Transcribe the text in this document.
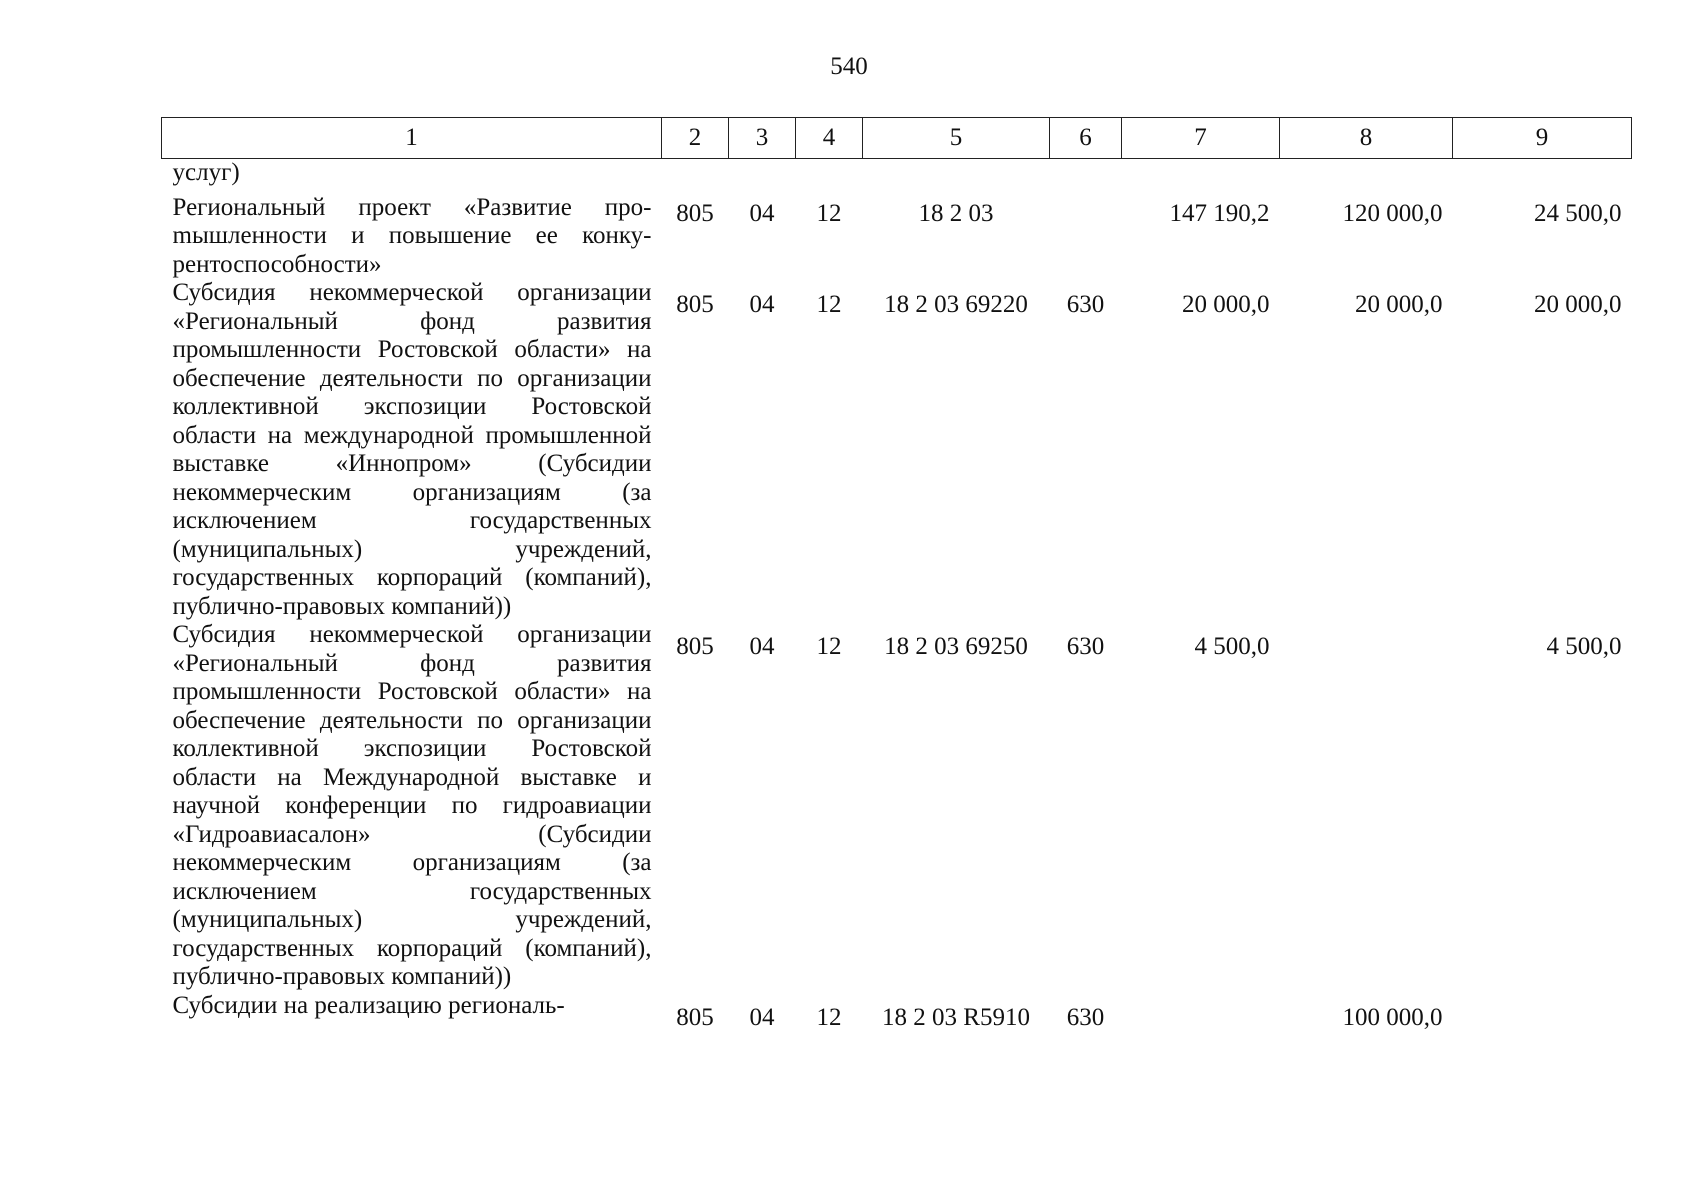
540
1	2	3	4	5	6	7	8	9
услуг)								
Региональный проект «Развитие проmышленности и повышение ее конкурентоспособности»	805	04	12	18 2 03		147 190,2	120 000,0	24 500,0
Субсидия некоммерческой организации «Региональный фонд развития промышленности Ростовской области» на обеспечение деятельности по организации коллективной экспозиции Ростовской области на международной промышленной выставке «Иннопром» (Субсидии некоммерческим организациям (за исключением государственных (муниципальных) учреждений, государственных корпораций (компаний), публично-правовых компаний))	805	04	12	18 2 03 69220	630	20 000,0	20 000,0	20 000,0
Субсидия некоммерческой организации «Региональный фонд развития промышленности Ростовской области» на обеспечение деятельности по организации коллективной экспозиции Ростовской области на Международной выставке и научной конференции по гидроавиации «Гидроавиасалон» (Субсидии некоммерческим организациям (за исключением государственных (муниципальных) учреждений, государственных корпораций (компаний), публично-правовых компаний))	805	04	12	18 2 03 69250	630	4 500,0		4 500,0
Субсидии на реализацию региональ-	805	04	12	18 2 03 R5910	630		100 000,0	
